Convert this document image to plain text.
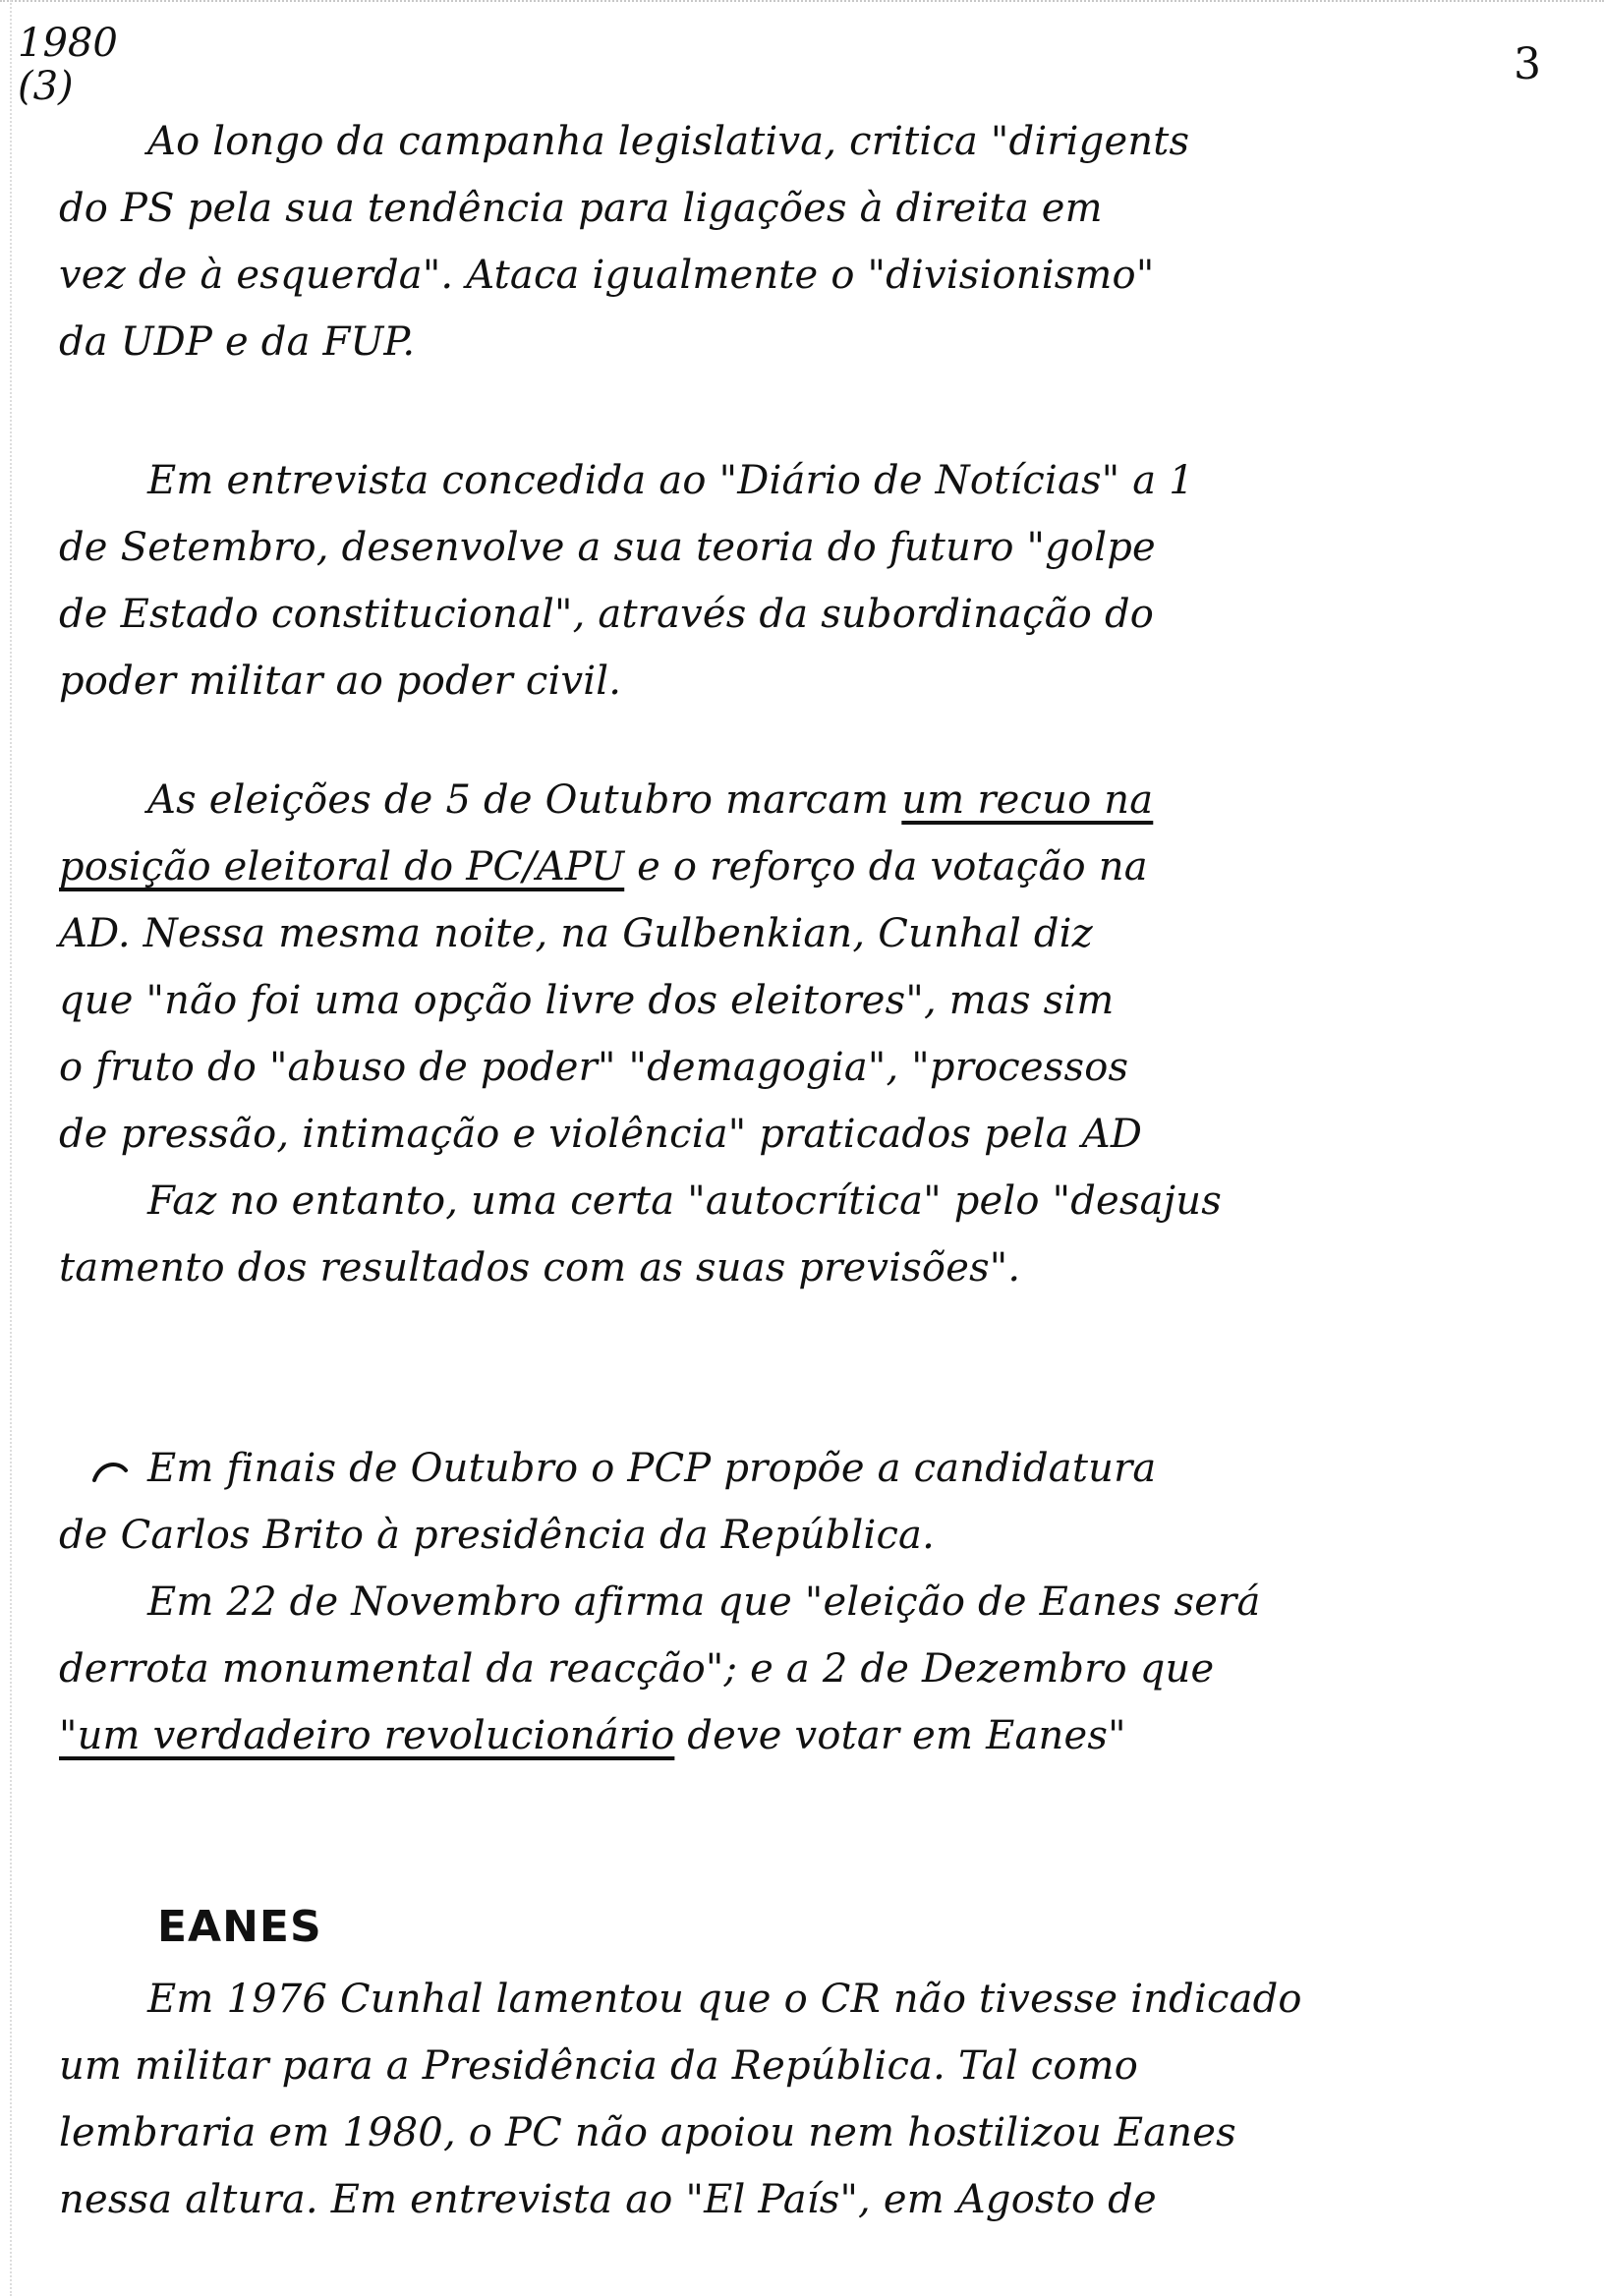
1980
(3)	3
Ao longo da campanha legislativa, critica "dirigents
do PS pela sua tendência para ligações à direita em
vez de à esquerda". Ataca igualmente o "divisionismo"
da UDP e da FUP.
Em entrevista concedida ao "Diário de Notícias" a 1
de Setembro, desenvolve a sua teoria do futuro "golpe
de Estado constitucional", através da subordinação do
poder militar ao poder civil.
As eleições de 5 de Outubro marcam um recuo na
posição eleitoral do PC/APU e o reforço da votação na
AD. Nessa mesma noite, na Gulbenkian, Cunhal diz
que "não foi uma opção livre dos eleitores", mas sim
o fruto do "abuso de poder" "demagogia", "processos
de pressão, intimação e violência" praticados pela AD
Faz no entanto, uma certa "autocrítica" pelo "desajus
tamento dos resultados com as suas previsões".
Em finais de Outubro o PCP propõe a candidatura
de Carlos Brito à presidência da República.
Em 22 de Novembro afirma que "eleição de Eanes será
derrota monumental da reacção"; e a 2 de Dezembro que
"um verdadeiro revolucionário deve votar em Eanes"
EANES
Em 1976 Cunhal lamentou que o CR não tivesse indicado
um militar para a Presidência da República. Tal como
lembraria em 1980, o PC não apoiou nem hostilizou Eanes
nessa altura. Em entrevista ao "El País", em Agosto de
